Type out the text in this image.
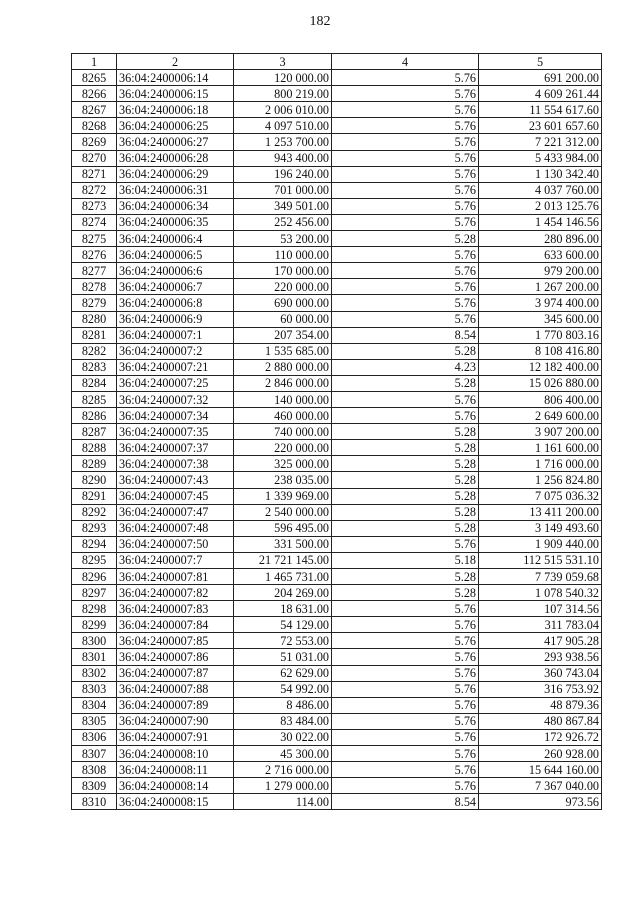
182
1	2	3	4	5
8265	36:04:2400006:14	120 000.00	5.76	691 200.00
8266	36:04:2400006:15	800 219.00	5.76	4 609 261.44
8267	36:04:2400006:18	2 006 010.00	5.76	11 554 617.60
8268	36:04:2400006:25	4 097 510.00	5.76	23 601 657.60
8269	36:04:2400006:27	1 253 700.00	5.76	7 221 312.00
8270	36:04:2400006:28	943 400.00	5.76	5 433 984.00
8271	36:04:2400006:29	196 240.00	5.76	1 130 342.40
8272	36:04:2400006:31	701 000.00	5.76	4 037 760.00
8273	36:04:2400006:34	349 501.00	5.76	2 013 125.76
8274	36:04:2400006:35	252 456.00	5.76	1 454 146.56
8275	36:04:2400006:4	53 200.00	5.28	280 896.00
8276	36:04:2400006:5	110 000.00	5.76	633 600.00
8277	36:04:2400006:6	170 000.00	5.76	979 200.00
8278	36:04:2400006:7	220 000.00	5.76	1 267 200.00
8279	36:04:2400006:8	690 000.00	5.76	3 974 400.00
8280	36:04:2400006:9	60 000.00	5.76	345 600.00
8281	36:04:2400007:1	207 354.00	8.54	1 770 803.16
8282	36:04:2400007:2	1 535 685.00	5.28	8 108 416.80
8283	36:04:2400007:21	2 880 000.00	4.23	12 182 400.00
8284	36:04:2400007:25	2 846 000.00	5.28	15 026 880.00
8285	36:04:2400007:32	140 000.00	5.76	806 400.00
8286	36:04:2400007:34	460 000.00	5.76	2 649 600.00
8287	36:04:2400007:35	740 000.00	5.28	3 907 200.00
8288	36:04:2400007:37	220 000.00	5.28	1 161 600.00
8289	36:04:2400007:38	325 000.00	5.28	1 716 000.00
8290	36:04:2400007:43	238 035.00	5.28	1 256 824.80
8291	36:04:2400007:45	1 339 969.00	5.28	7 075 036.32
8292	36:04:2400007:47	2 540 000.00	5.28	13 411 200.00
8293	36:04:2400007:48	596 495.00	5.28	3 149 493.60
8294	36:04:2400007:50	331 500.00	5.76	1 909 440.00
8295	36:04:2400007:7	21 721 145.00	5.18	112 515 531.10
8296	36:04:2400007:81	1 465 731.00	5.28	7 739 059.68
8297	36:04:2400007:82	204 269.00	5.28	1 078 540.32
8298	36:04:2400007:83	18 631.00	5.76	107 314.56
8299	36:04:2400007:84	54 129.00	5.76	311 783.04
8300	36:04:2400007:85	72 553.00	5.76	417 905.28
8301	36:04:2400007:86	51 031.00	5.76	293 938.56
8302	36:04:2400007:87	62 629.00	5.76	360 743.04
8303	36:04:2400007:88	54 992.00	5.76	316 753.92
8304	36:04:2400007:89	8 486.00	5.76	48 879.36
8305	36:04:2400007:90	83 484.00	5.76	480 867.84
8306	36:04:2400007:91	30 022.00	5.76	172 926.72
8307	36:04:2400008:10	45 300.00	5.76	260 928.00
8308	36:04:2400008:11	2 716 000.00	5.76	15 644 160.00
8309	36:04:2400008:14	1 279 000.00	5.76	7 367 040.00
8310	36:04:2400008:15	114.00	8.54	973.56
